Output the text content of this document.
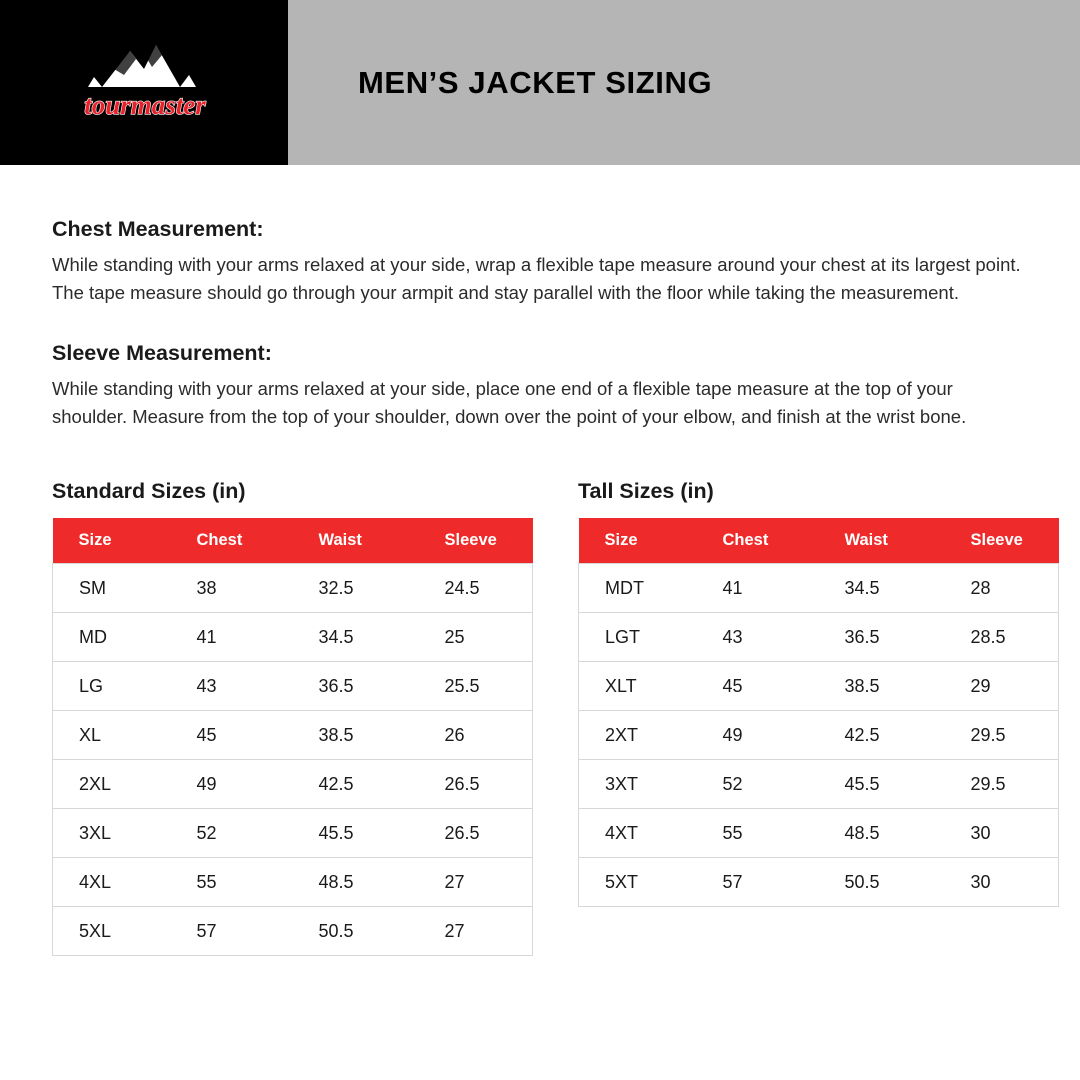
tourmaster
MEN’S JACKET SIZING
Chest Measurement:

While standing with your arms relaxed at your side, wrap a flexible tape measure around your chest at its largest point. The tape measure should go through your armpit and stay parallel with the floor while taking the measurement.

Sleeve Measurement:

While standing with your arms relaxed at your side, place one end of a flexible tape measure at the top of your shoulder. Measure from the top of your shoulder, down over the point of your elbow, and finish at the wrist bone.

Standard Sizes (in)
Size	Chest	Waist	Sleeve
SM	38	32.5	24.5
MD	41	34.5	25
LG	43	36.5	25.5
XL	45	38.5	26
2XL	49	42.5	26.5
3XL	52	45.5	26.5
4XL	55	48.5	27
5XL	57	50.5	27
Tall Sizes (in)
Size	Chest	Waist	Sleeve
MDT	41	34.5	28
LGT	43	36.5	28.5
XLT	45	38.5	29
2XT	49	42.5	29.5
3XT	52	45.5	29.5
4XT	55	48.5	30
5XT	57	50.5	30
